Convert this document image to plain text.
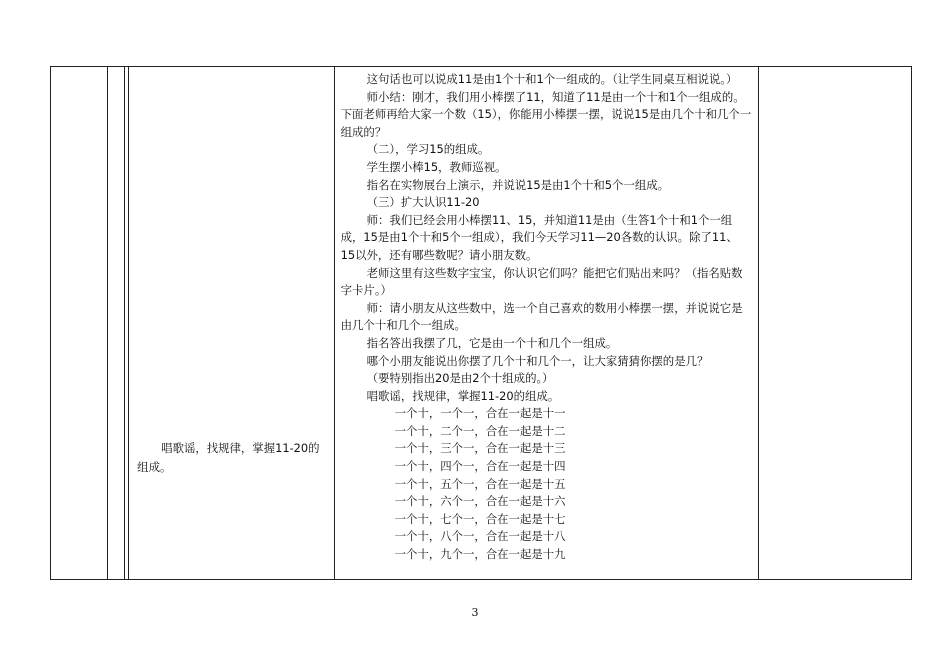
唱歌谣，找规律，掌握11-20的组成。

这句话也可以说成11是由1个十和1个一组成的。（让学生同桌互相说说。）

师小结：刚才，我们用小棒摆了11，知道了11是由一个十和1个一组成的。下面老师再给大家一个数（15），你能用小棒摆一摆，说说15是由几个十和几个一组成的？

（二），学习15的组成。

学生摆小棒15，教师巡视。

指名在实物展台上演示，并说说15是由1个十和5个一组成。

（三）扩大认识11-20

师：我们已经会用小棒摆11、15，并知道11是由（生答1个十和1个一组成，15是由1个十和5个一组成），我们今天学习11—20各数的认识。除了11、15以外，还有哪些数呢？请小朋友数。

老师这里有这些数字宝宝，你认识它们吗？能把它们贴出来吗？（指名贴数字卡片。）

师：请小朋友从这些数中，选一个自己喜欢的数用小棒摆一摆，并说说它是由几个十和几个一组成。

指名答出我摆了几，它是由一个十和几个一组成。

哪个小朋友能说出你摆了几个十和几个一，让大家猜猜你摆的是几？

（要特别指出20是由2个十组成的。）

唱歌谣，找规律，掌握11-20的组成。

一个十，一个一，合在一起是十一

一个十，二个一，合在一起是十二

一个十，三个一，合在一起是十三

一个十，四个一，合在一起是十四

一个十，五个一，合在一起是十五

一个十，六个一，合在一起是十六

一个十，七个一，合在一起是十七

一个十，八个一，合在一起是十八

一个十，九个一，合在一起是十九

3
